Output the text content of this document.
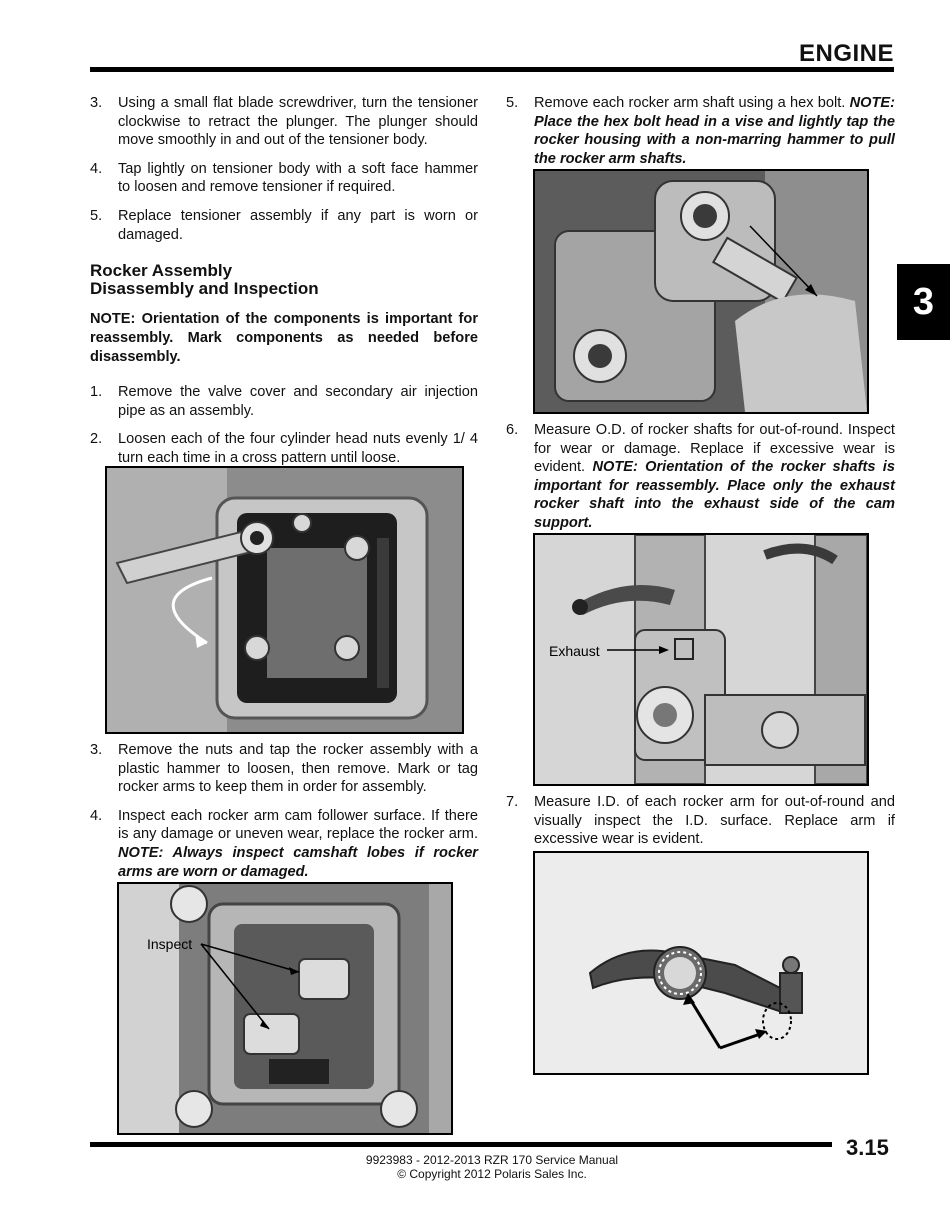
ENGINE
3
3.	Using a small flat blade screwdriver, turn the tensioner clockwise to retract the plunger. The plunger should move smoothly in and out of the tensioner body.
4.	Tap lightly on tensioner body with a soft face hammer to loosen and remove tensioner if required.
5.	Replace tensioner assembly if any part is worn or damaged.
Rocker Assembly
Disassembly and Inspection
NOTE: Orientation of the components is important for reassembly. Mark components as needed before disassembly.
1.	Remove the valve cover and secondary air injection pipe as an assembly.
2.	Loosen each of the four cylinder head nuts evenly 1/ 4 turn each time in a cross pattern until loose.
3.	Remove the nuts and tap the rocker assembly with a plastic hammer to loosen, then remove. Mark or tag rocker arms to keep them in order for assembly.
4.	Inspect each rocker arm cam follower surface. If there is any damage or uneven wear, replace the rocker arm. NOTE: Always inspect camshaft lobes if rocker arms are worn or damaged.
Inspect
5.	Remove each rocker arm shaft using a hex bolt. NOTE: Place the hex bolt head in a vise and lightly tap the rocker housing with a non-marring hammer to pull the rocker arm shafts.
6.	Measure O.D. of rocker shafts for out-of-round. Inspect for wear or damage. Replace if excessive wear is evident. NOTE: Orientation of the rocker shafts is important for reassembly. Place only the exhaust rocker shaft into the exhaust side of the cam support.
Exhaust
7.	Measure I.D. of each rocker arm for out-of-round and visually inspect the I.D. surface. Replace arm if excessive wear is evident.
3.15
9923983 - 2012-2013 RZR 170 Service Manual
© Copyright 2012 Polaris Sales Inc.
